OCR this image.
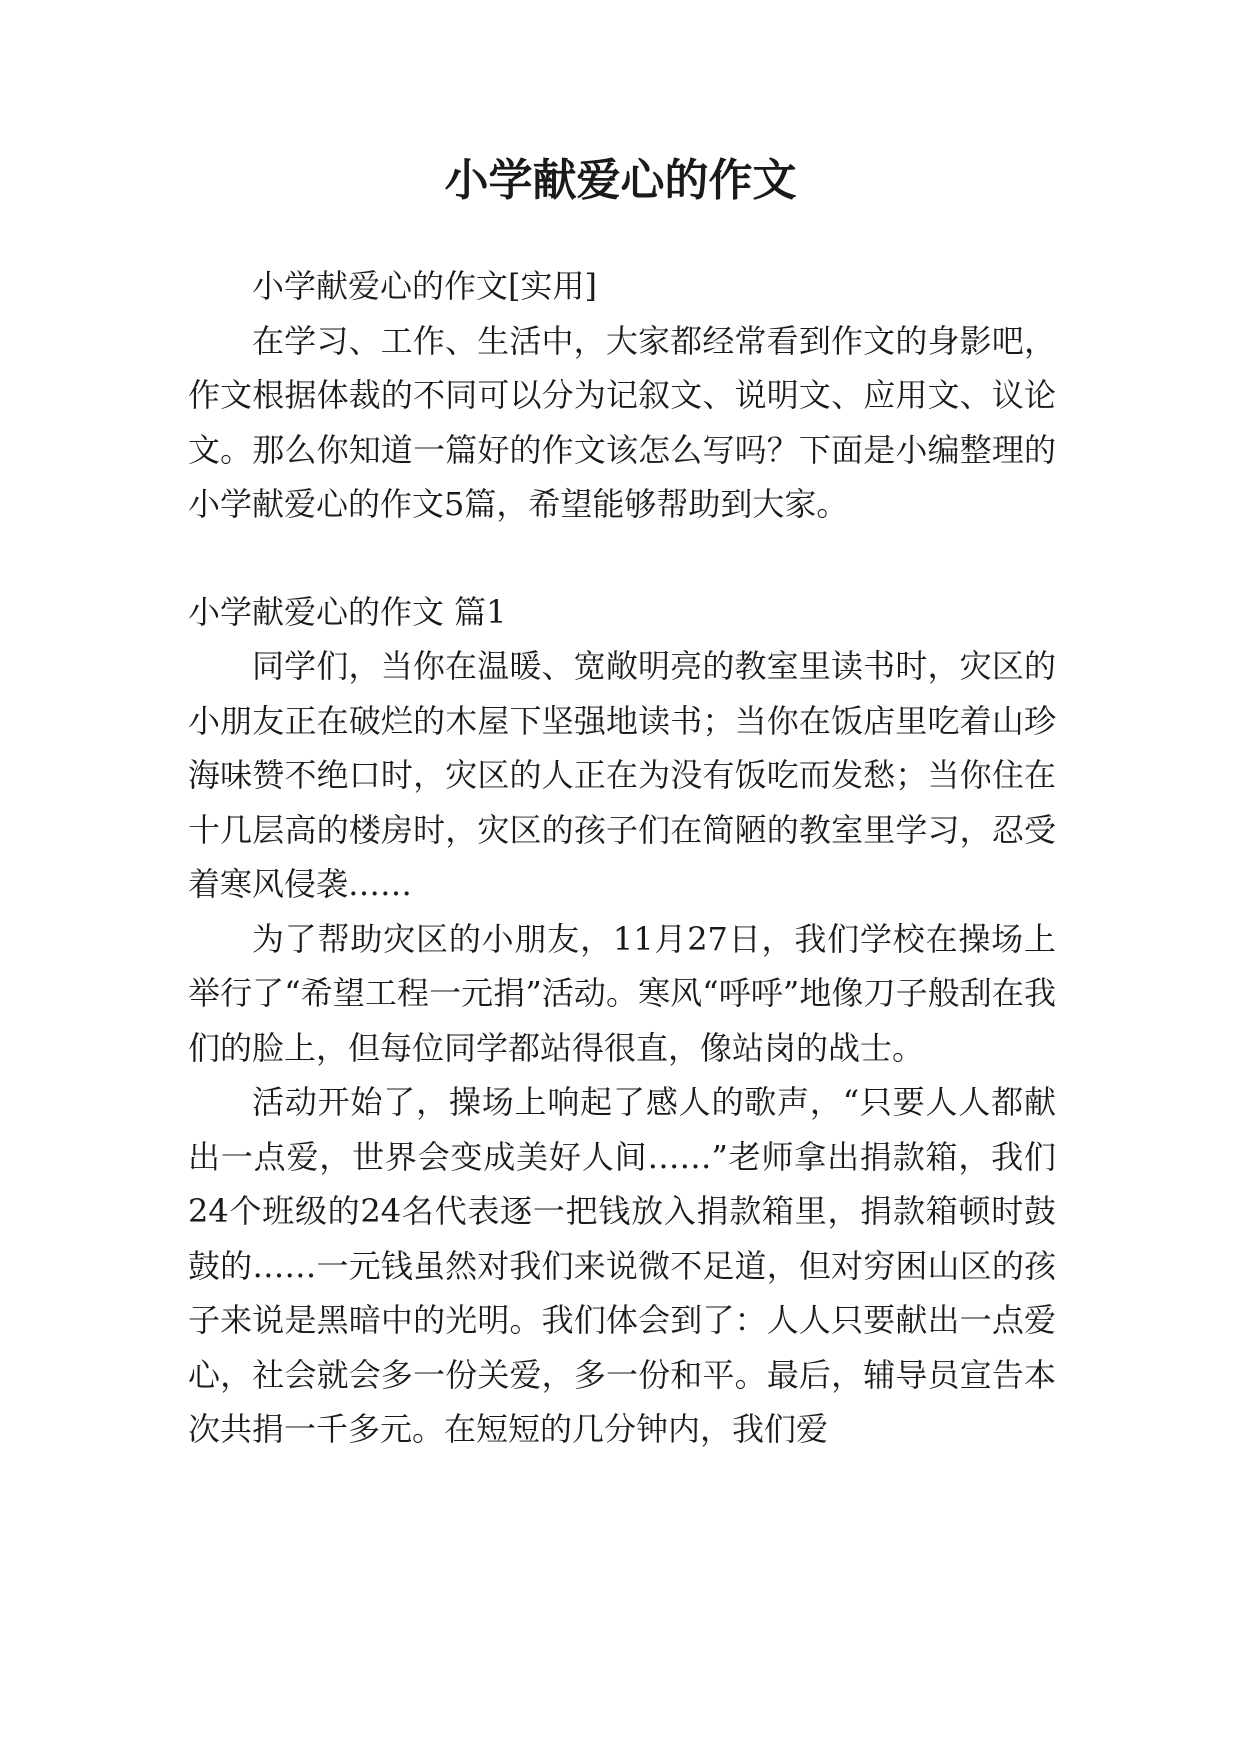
小学献爱心的作文

小学献爱心的作文[实用]

在学习、工作、生活中，大家都经常看到作文的身影吧，作文根据体裁的不同可以分为记叙文、说明文、应用文、议论文。那么你知道一篇好的作文该怎么写吗？下面是小编整理的小学献爱心的作文5篇，希望能够帮助到大家。

小学献爱心的作文 篇1

同学们，当你在温暖、宽敞明亮的教室里读书时，灾区的小朋友正在破烂的木屋下坚强地读书；当你在饭店里吃着山珍海味赞不绝口时，灾区的人正在为没有饭吃而发愁；当你住在十几层高的楼房时，灾区的孩子们在简陋的教室里学习，忍受着寒风侵袭……

为了帮助灾区的小朋友，11月27日，我们学校在操场上举行了“希望工程一元捐”活动。寒风“呼呼”地像刀子般刮在我们的脸上，但每位同学都站得很直，像站岗的战士。

活动开始了，操场上响起了感人的歌声，“只要人人都献出一点爱，世界会变成美好人间……”老师拿出捐款箱，我们24个班级的24名代表逐一把钱放入捐款箱里，捐款箱顿时鼓鼓的……一元钱虽然对我们来说微不足道，但对穷困山区的孩子来说是黑暗中的光明。我们体会到了：人人只要献出一点爱心，社会就会多一份关爱，多一份和平。最后，辅导员宣告本次共捐一千多元。在短短的几分钟内，我们爱
